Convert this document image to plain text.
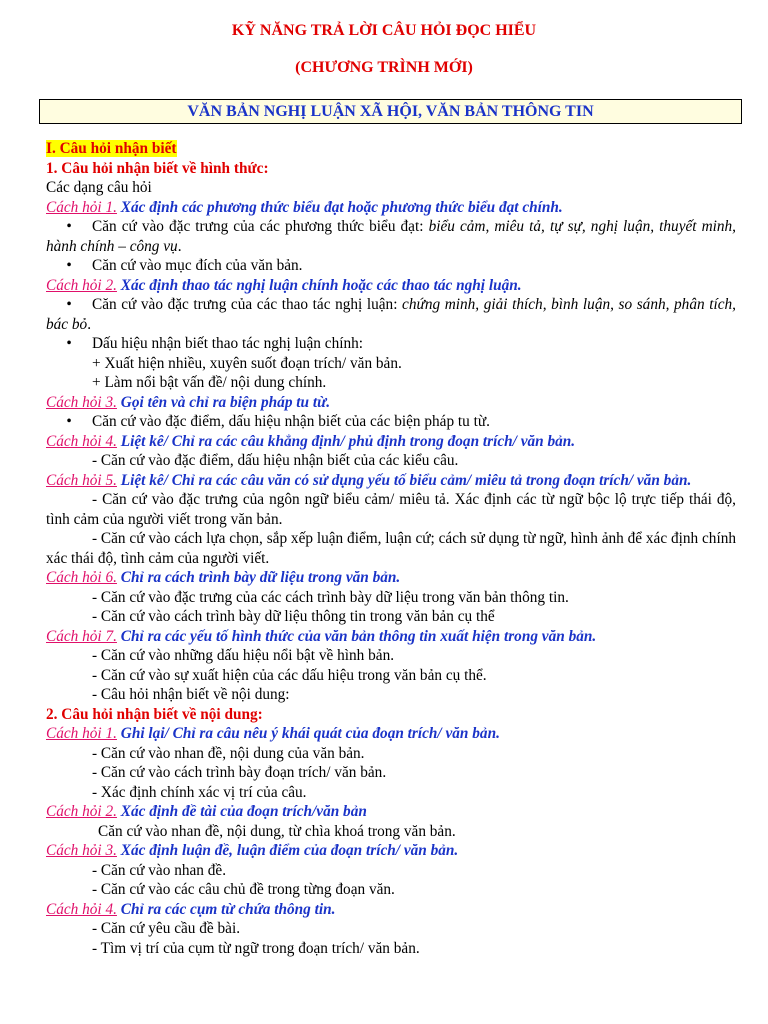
KỸ NĂNG TRẢ LỜI CÂU HỎI ĐỌC HIỂU
(CHƯƠNG TRÌNH MỚI)
VĂN BẢN NGHỊ LUẬN XÃ HỘI, VĂN BẢN THÔNG TIN
I. Câu hỏi nhận biết
1. Câu hỏi nhận biết về hình thức:
Các dạng câu hỏi
Cách hỏi 1. Xác định các phương thức biểu đạt hoặc phương thức biểu đạt chính.
• Căn cứ vào đặc trưng của các phương thức biểu đạt: biểu cảm, miêu tả, tự sự, nghị luận, thuyết minh, hành chính – công vụ.
• Căn cứ vào mục đích của văn bản.
Cách hỏi 2. Xác định thao tác nghị luận chính hoặc các thao tác nghị luận.
• Căn cứ vào đặc trưng của các thao tác nghị luận: chứng minh, giải thích, bình luận, so sánh, phân tích, bác bỏ.
• Dấu hiệu nhận biết thao tác nghị luận chính:
+ Xuất hiện nhiều, xuyên suốt đoạn trích/ văn bản.
+ Làm nổi bật vấn đề/ nội dung chính.
Cách hỏi 3. Gọi tên và chỉ ra biện pháp tu từ.
• Căn cứ vào đặc điểm, dấu hiệu nhận biết của các biện pháp tu từ.
Cách hỏi 4. Liệt kê/ Chỉ ra các câu khẳng định/ phủ định trong đoạn trích/ văn bản.
- Căn cứ vào đặc điểm, dấu hiệu nhận biết của các kiểu câu.
Cách hỏi 5. Liệt kê/ Chỉ ra các câu văn có sử dụng yếu tố biểu cảm/ miêu tả trong đoạn trích/ văn bản.
- Căn cứ vào đặc trưng của ngôn ngữ biểu cảm/ miêu tả. Xác định các từ ngữ bộc lộ trực tiếp thái độ, tình cảm của người viết trong văn bản.
- Căn cứ vào cách lựa chọn, sắp xếp luận điểm, luận cứ; cách sử dụng từ ngữ, hình ảnh để xác định chính xác thái độ, tình cảm của người viết.
Cách hỏi 6. Chỉ ra cách trình bày dữ liệu trong văn bản.
- Căn cứ vào đặc trưng của các cách trình bày dữ liệu trong văn bản thông tin.
- Căn cứ vào cách trình bày dữ liệu thông tin trong văn bản cụ thể
Cách hỏi 7. Chỉ ra các yếu tố hình thức của văn bản thông tin xuất hiện trong văn bản.
- Căn cứ vào những dấu hiệu nổi bật về hình bản.
- Căn cứ vào sự xuất hiện của các dấu hiệu trong văn bản cụ thể.
- Câu hỏi nhận biết về nội dung:
2. Câu hỏi nhận biết về nội dung:
Cách hỏi 1. Ghi lại/ Chỉ ra câu nêu ý khái quát của đoạn trích/ văn bản.
- Căn cứ vào nhan đề, nội dung của văn bản.
- Căn cứ vào cách trình bày đoạn trích/ văn bản.
- Xác định chính xác vị trí của câu.
Cách hỏi 2. Xác định đề tài của đoạn trích/văn bản
Căn cứ vào nhan đề, nội dung, từ chìa khoá trong văn bản.
Cách hỏi 3. Xác định luận đề, luận điểm của đoạn trích/ văn bản.
- Căn cứ vào nhan đề.
- Căn cứ vào các câu chủ đề trong từng đoạn văn.
Cách hỏi 4. Chỉ ra các cụm từ chứa thông tin.
- Căn cứ yêu cầu đề bài.
- Tìm vị trí của cụm từ ngữ trong đoạn trích/ văn bản.
